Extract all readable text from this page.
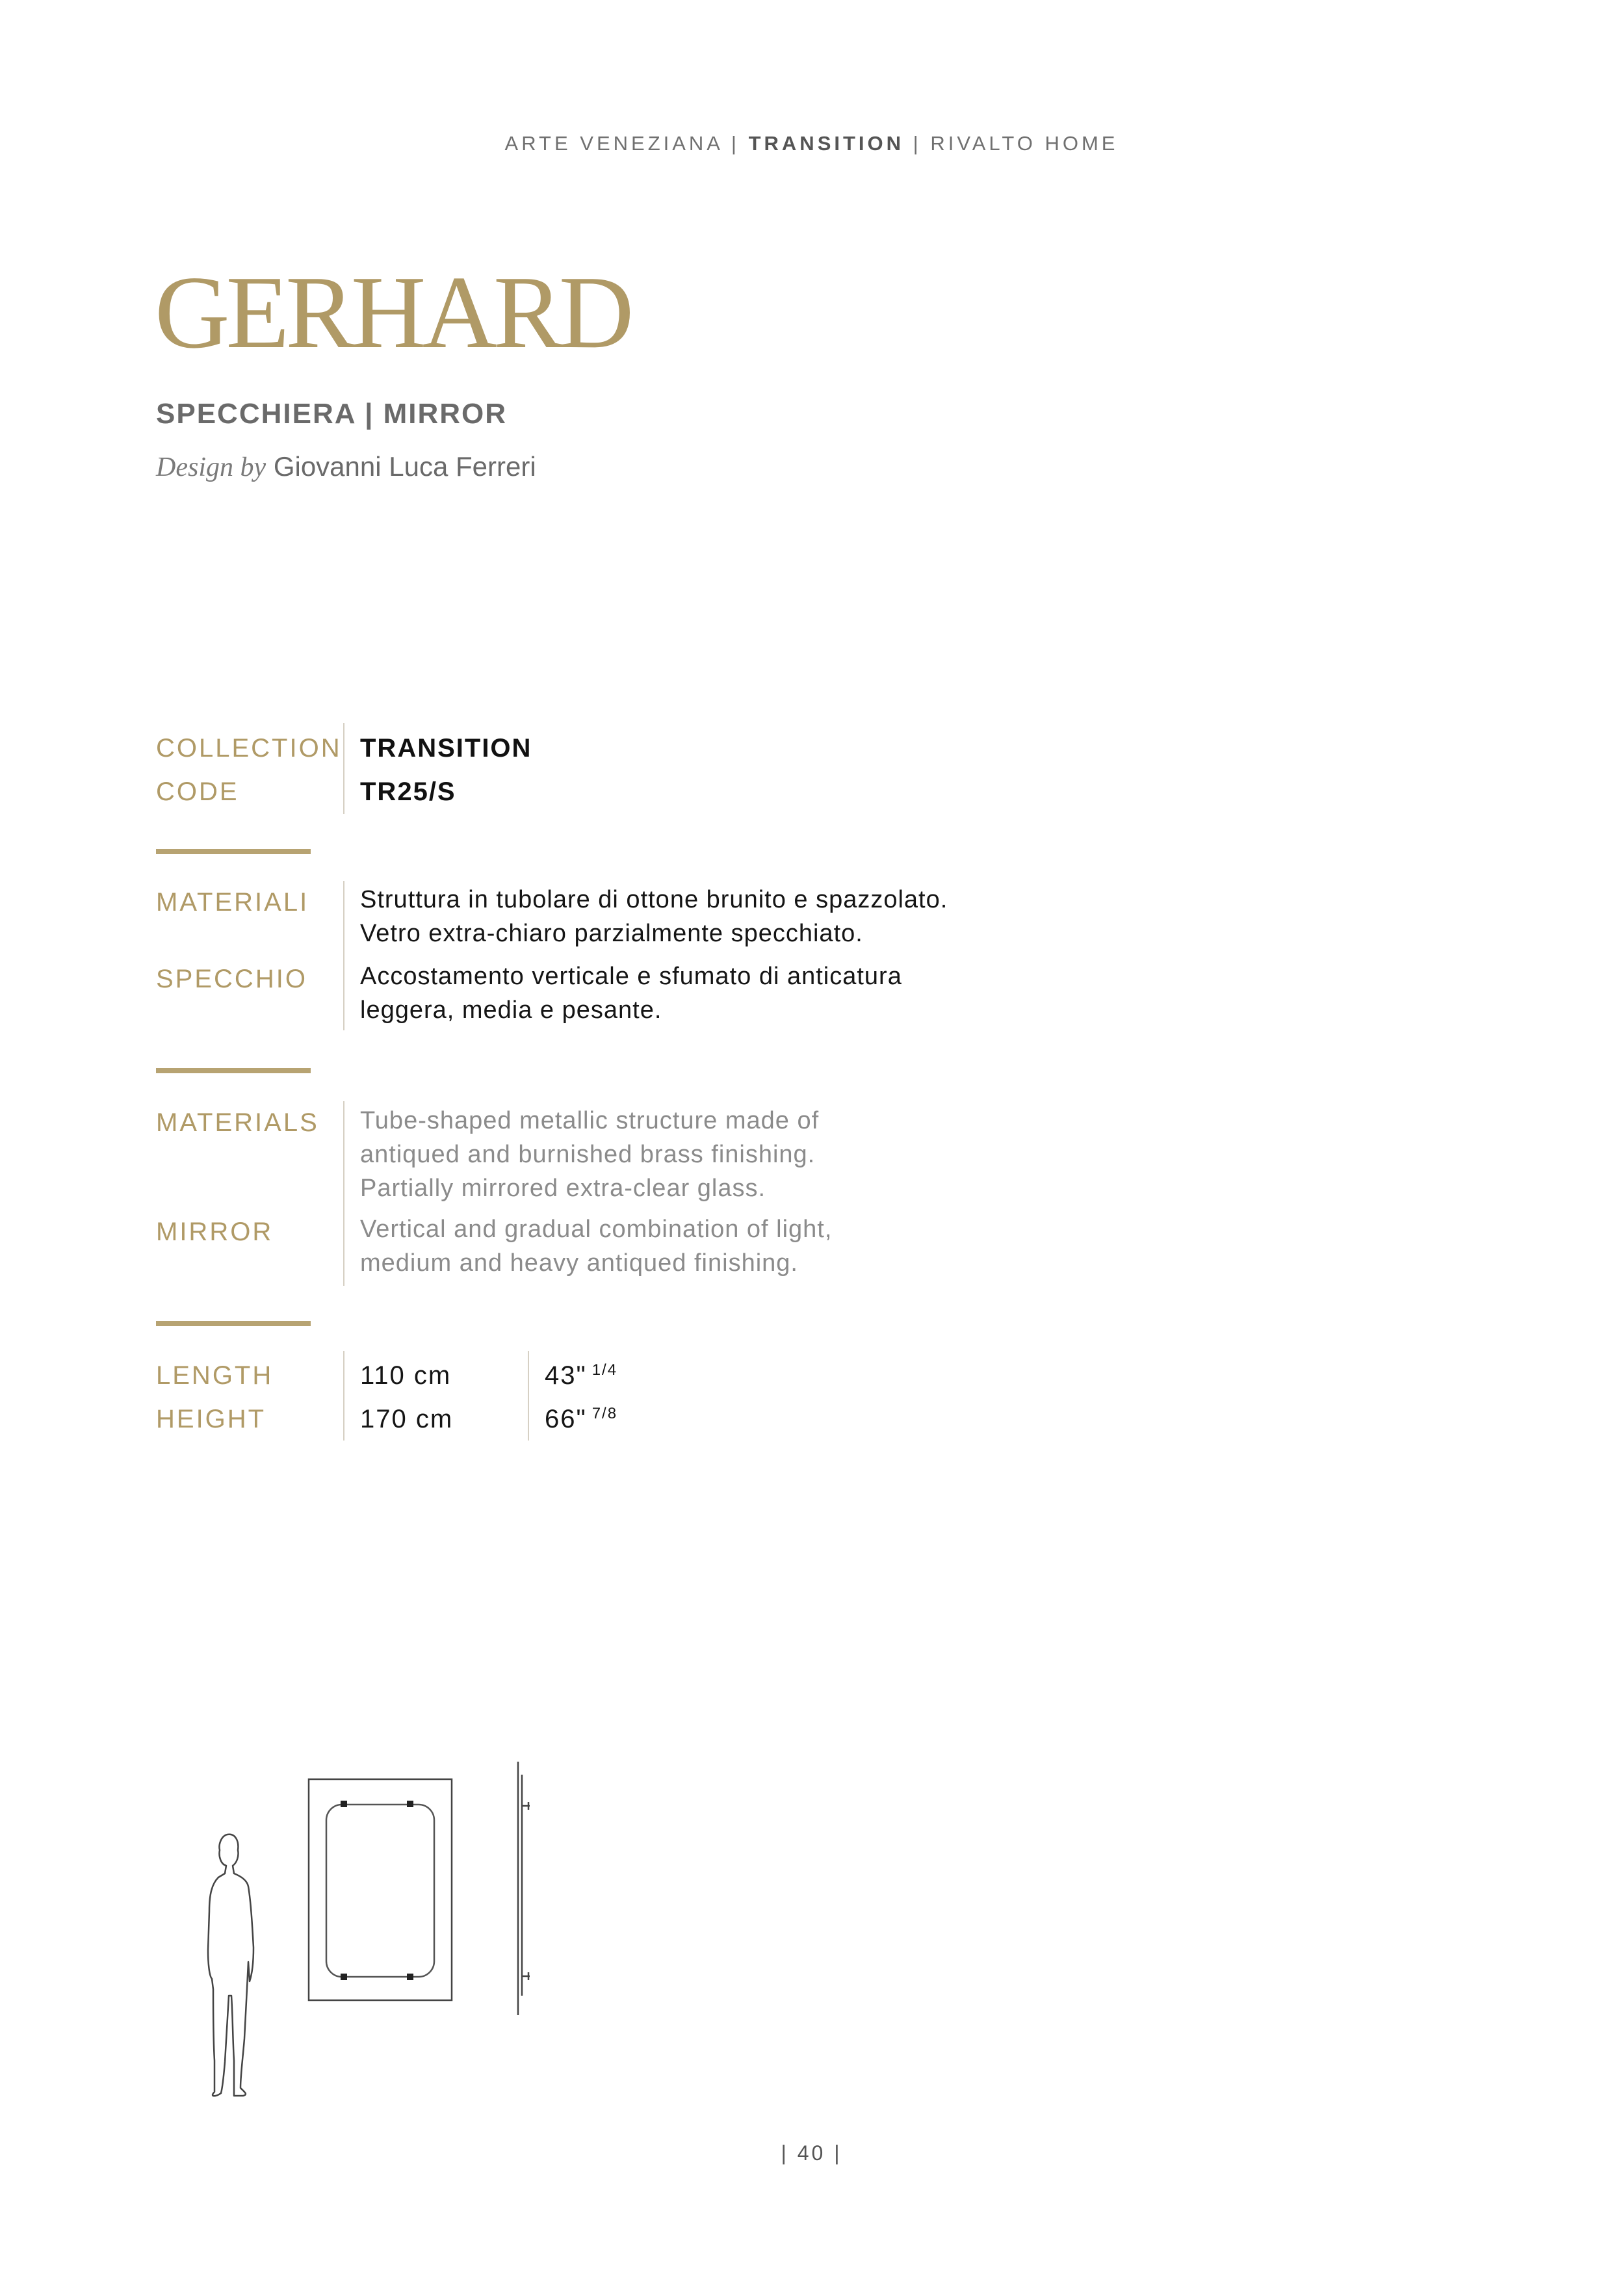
ARTE VENEZIANA | TRANSITION | RIVALTO HOME
GERHARD
SPECCHIERA | MIRROR
Design by Giovanni Luca Ferreri
COLLECTION
CODE
TRANSITION
TR25/S
MATERIALI
SPECCHIO
Struttura in tubolare di ottone brunito e spazzolato.
Vetro extra-chiaro parzialmente specchiato.
Accostamento verticale e sfumato di anticatura
leggera, media e pesante.
MATERIALS
MIRROR
Tube-shaped metallic structure made of
antiqued and burnished brass finishing.
Partially mirrored extra-clear glass.
Vertical and gradual combination of light,
medium and heavy antiqued finishing.
LENGTH
HEIGHT
110 cm
170 cm
43" $^{1/4}$
66" $^{7/8}$
| 40 |
